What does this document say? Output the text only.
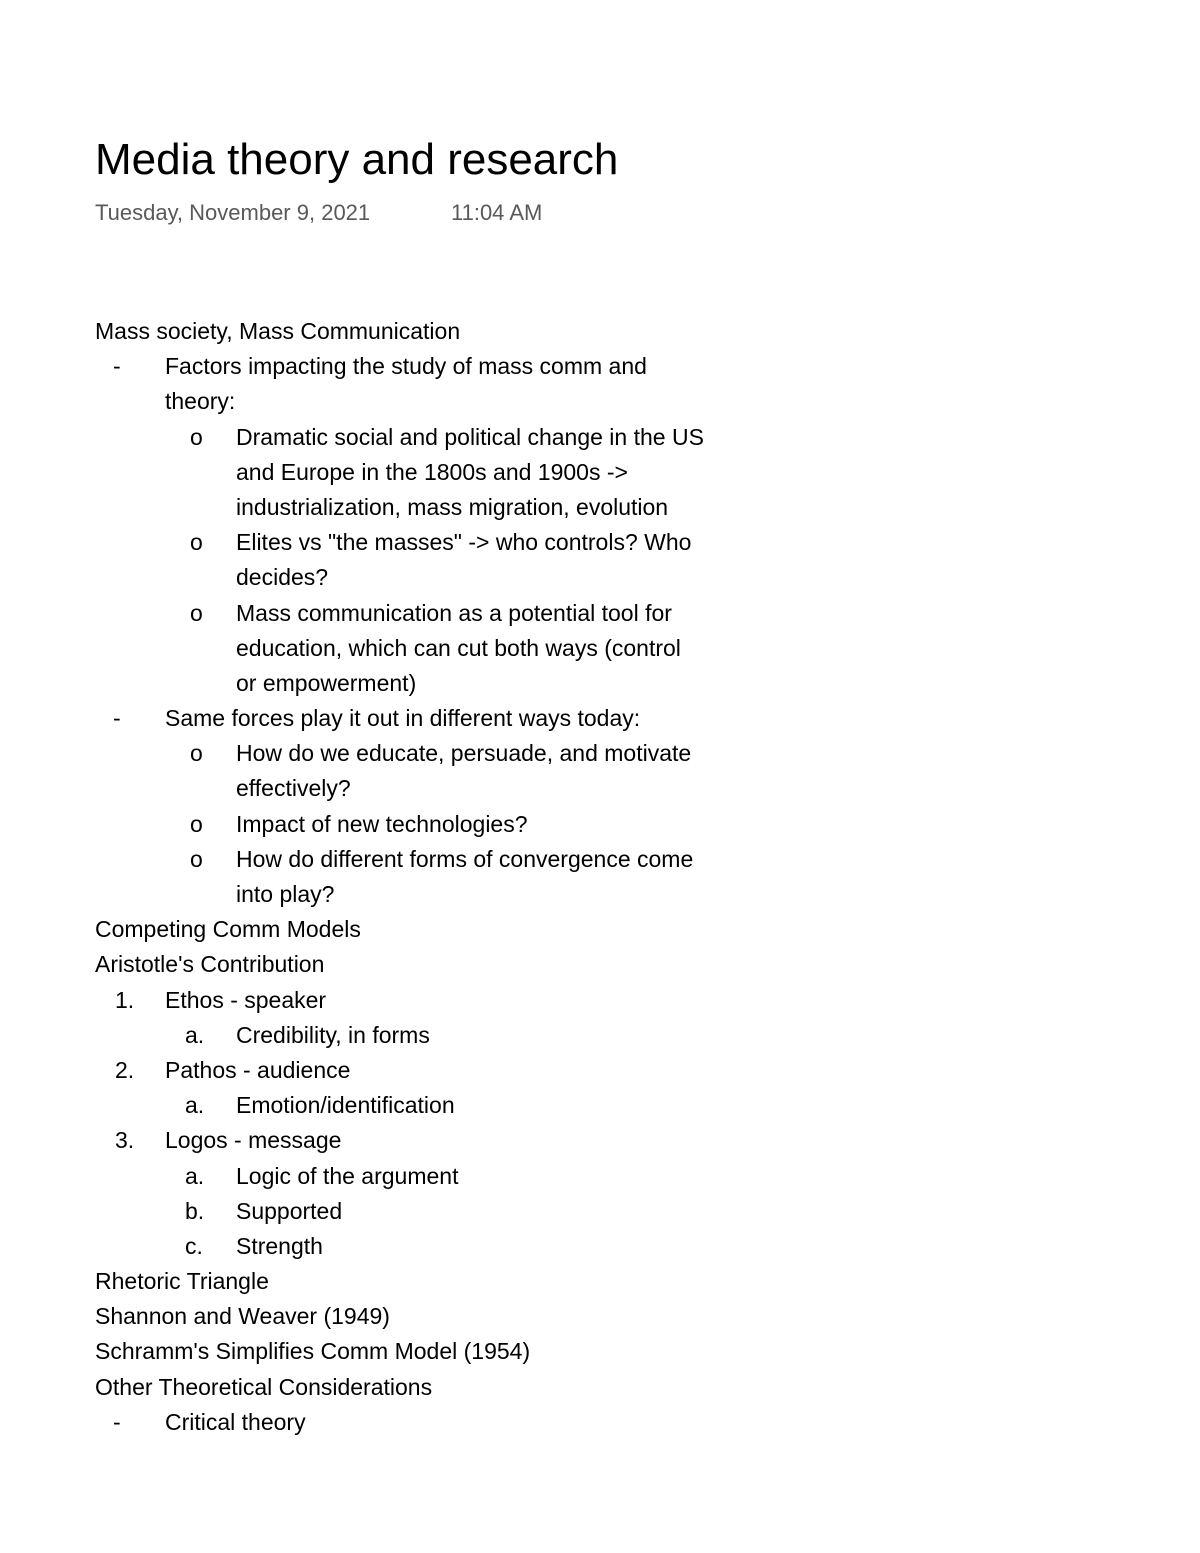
Media theory and research
Tuesday, November 9, 2021	11:04 AM
Mass society, Mass Communication
- Factors impacting the study of mass comm and
theory:
o Dramatic social and political change in the US
and Europe in the 1800s and 1900s ->
industrialization, mass migration, evolution
o Elites vs "the masses" -> who controls? Who
decides?
o Mass communication as a potential tool for
education, which can cut both ways (control
or empowerment)
- Same forces play it out in different ways today:
o How do we educate, persuade, and motivate
effectively?
o Impact of new technologies?
o How do different forms of convergence come
into play?
Competing Comm Models
Aristotle's Contribution
1. Ethos - speaker
a. Credibility, in forms
2. Pathos - audience
a. Emotion/identification
3. Logos - message
a. Logic of the argument
b. Supported
c. Strength
Rhetoric Triangle
Shannon and Weaver (1949)
Schramm's Simplifies Comm Model (1954)
Other Theoretical Considerations
- Critical theory
